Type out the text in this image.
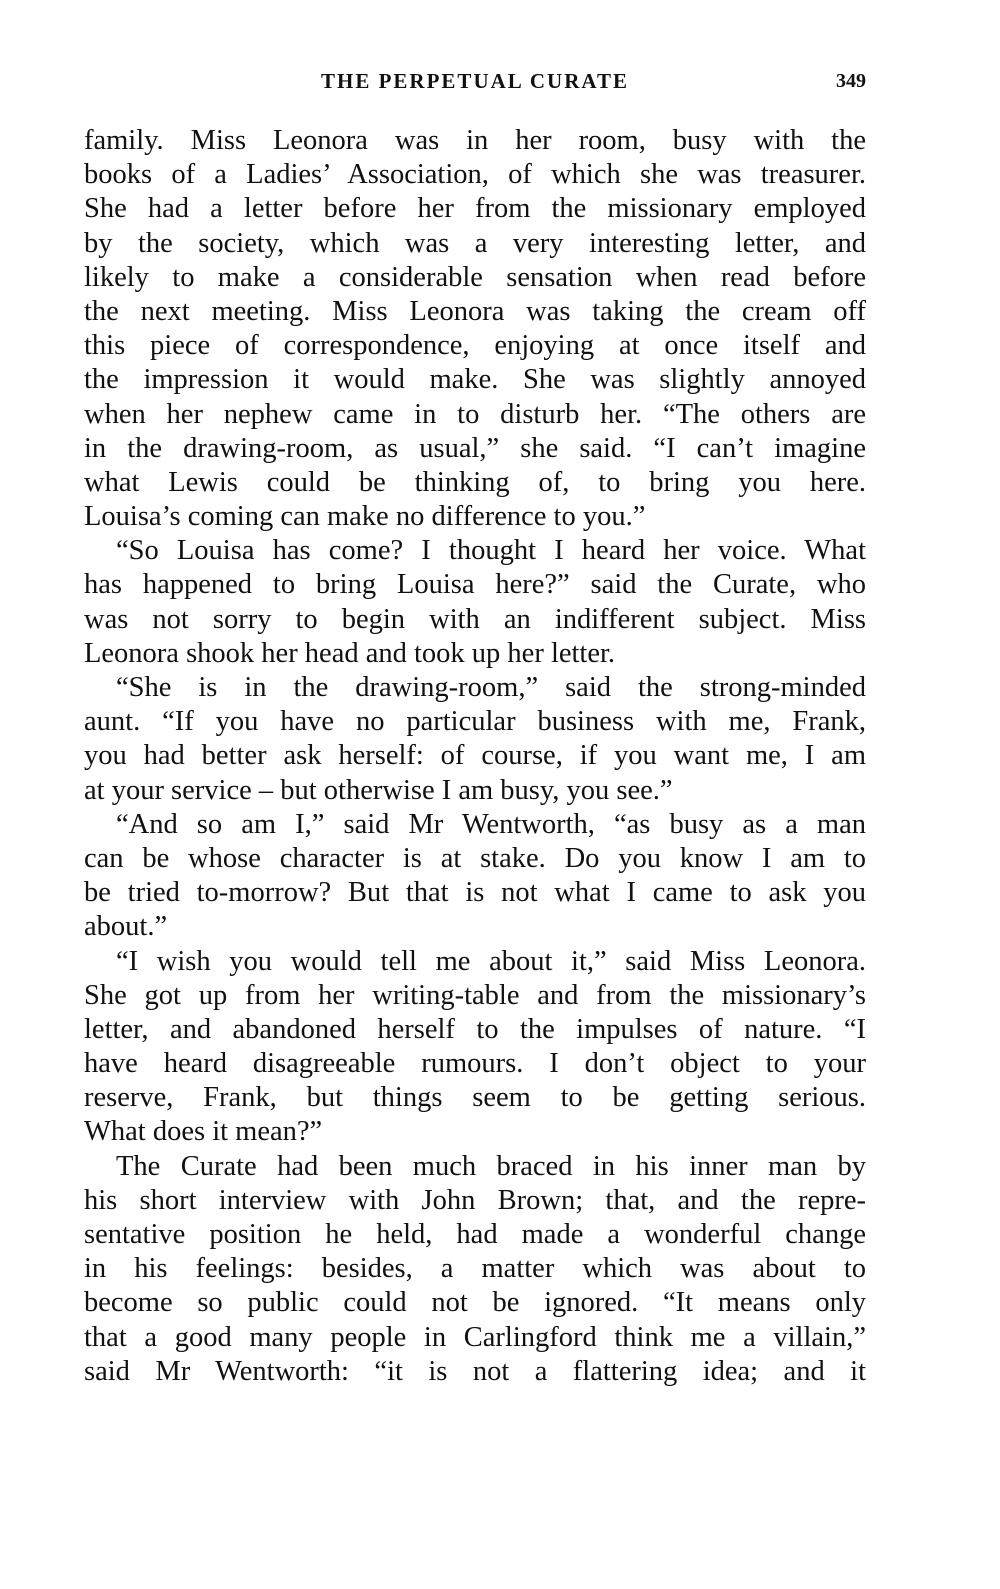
THE PERPETUAL CURATE	349
family. Miss Leonora was in her room, busy with the
books of a Ladies’ Association, of which she was treasurer.
She had a letter before her from the missionary employed
by the society, which was a very interesting letter, and
likely to make a considerable sensation when read before
the next meeting. Miss Leonora was taking the cream off
this piece of correspondence, enjoying at once itself and
the impression it would make. She was slightly annoyed
when her nephew came in to disturb her. “The others are
in the drawing-room, as usual,” she said. “I can’t imagine
what Lewis could be thinking of, to bring you here.
Louisa’s coming can make no difference to you.”
“So Louisa has come? I thought I heard her voice. What
has happened to bring Louisa here?” said the Curate, who
was not sorry to begin with an indifferent subject. Miss
Leonora shook her head and took up her letter.
“She is in the drawing-room,” said the strong-minded
aunt. “If you have no particular business with me, Frank,
you had better ask herself: of course, if you want me, I am
at your service – but otherwise I am busy, you see.”
“And so am I,” said Mr Wentworth, “as busy as a man
can be whose character is at stake. Do you know I am to
be tried to-morrow? But that is not what I came to ask you
about.”
“I wish you would tell me about it,” said Miss Leonora.
She got up from her writing-table and from the missionary’s
letter, and abandoned herself to the impulses of nature. “I
have heard disagreeable rumours. I don’t object to your
reserve, Frank, but things seem to be getting serious.
What does it mean?”
The Curate had been much braced in his inner man by
his short interview with John Brown; that, and the repre-
sentative position he held, had made a wonderful change
in his feelings: besides, a matter which was about to
become so public could not be ignored. “It means only
that a good many people in Carlingford think me a villain,”
said Mr Wentworth: “it is not a flattering idea; and it
